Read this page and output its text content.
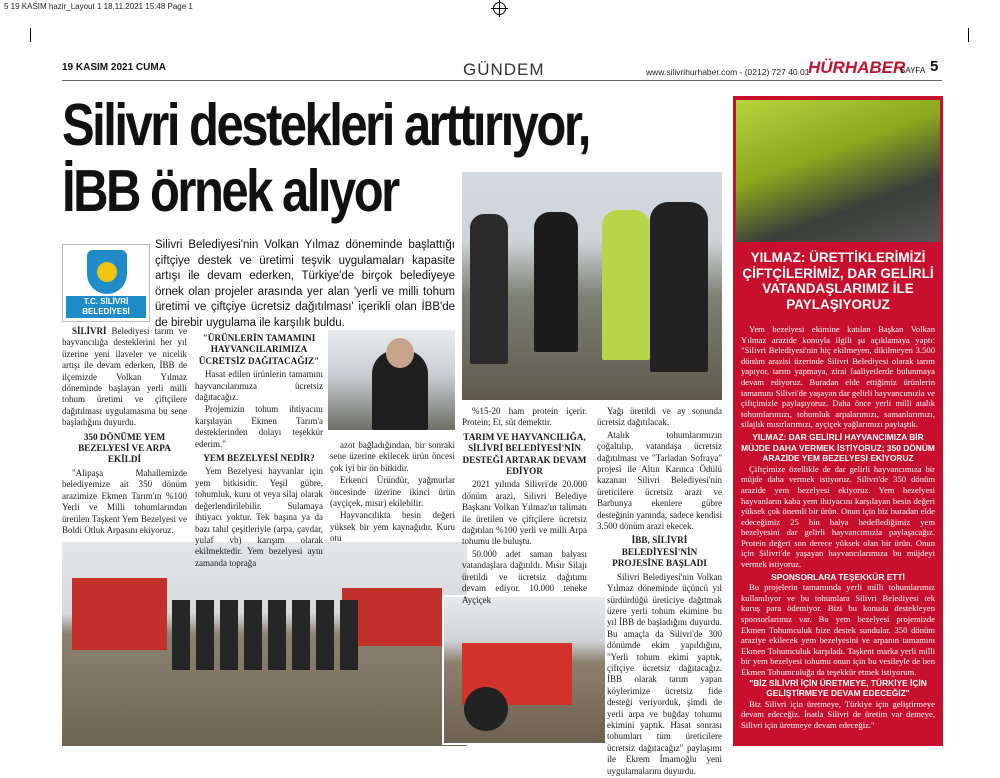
5 19 KASIM hazir_Layout 1 18.11.2021 15:48 Page 1
19 KASIM 2021 CUMA	GÜNDEM	www.silivrihurhaber.com - (0212) 727 40 01
HÜRHABER
SAYFA 5
Silivri destekleri arttırıyor,
İBB örnek alıyor
T.C. SİLİVRİ BELEDİYESİ
Silivri Belediyesi'nin Volkan Yılmaz döneminde başlattığı çiftçiye destek ve üretimi teşvik uygulamaları kapasite artışı ile devam ederken, Türkiye'de birçok belediyeye örnek olan projeler arasında yer alan 'yerli ve milli tohum üretimi ve çiftçiye ücretsiz dağıtılması' içerikli olan İBB'de de birebir uygulama ile karşılık buldu.

SİLİVRİ Belediyesi tarım ve hayvancılığa desteklerini her yıl üzerine yeni ilaveler ve nicelik artışı ile devam ederken, İBB de ilçemizde Volkan Yılmaz döneminde başlayan yerli milli tohum üretimi ve çiftçilere dağıtılması uygulamasına bu sene başladığını duyurdu.

350 DÖNÜME YEM BEZELYESİ VE ARPA EKİLDİ

"Alipaşa Mahallemizde belediyemize ait 350 dönüm arazimize Ekmen Tarım'ın %100 Yerli ve Milli tohumlarından üretilen Taşkent Yem Bezelyesi ve Boldi Otluk Arpasını ekiyoruz.

"ÜRÜNLERİN TAMAMINI HAYVANCILARIMIZA ÜCRETSİZ DAĞITACAĞIZ"

Hasat edilen ürünlerin tamamını hayvancılarımıza ücretsiz dağıtacağız.

Projemizin tohum ihtiyacını karşılayan Ekmen Tarım'a desteklerinden dolayı teşekkür ederim."

YEM BEZELYESİ NEDİR?

Yem Bezelyesi hayvanlar için yem bitkisidir. Yeşil gübre, tohumluk, kuru ot veya silaj olarak değerlendirilebilir. Sulamaya ihtiyacı yoktur. Tek başına ya da bazı tahıl çeşitleriyle (arpa, çavdar, yulaf vb) karışım olarak ekilmektedir. Yem bezelyesi aynı zamanda toprağa

azot bağladığından, bir sonraki sene üzerine ekilecek ürün öncesi çok iyi bir ön bitkidir.

Erkenci Üründür, yağmurlar öncesinde üzerine ikinci ürün (ayçiçek, mısır) ekilebilir.

Hayvancılıkta besin değeri yüksek bir yem kaynağıdır. Kuru otu

%15-20 ham protein içerir. Protein; Et, süt demektir.

TARIM VE HAYVANCILIĞA, SİLİVRİ BELEDİYESİ'NİN DESTEĞİ ARTARAK DEVAM EDİYOR

2021 yılında Silivri'de 20.000 dönüm arazi, Silivri Belediye Başkanı Volkan Yılmaz'ın talimatı ile üretilen ve çiftçilere ücretsiz dağıtılan %100 yerli ve milli Arpa tohumu ile buluştu.

50.000 adet saman balyası vatandaşlara dağıtıldı. Mısır Silajı üretildi ve ücretsiz dağıtımı devam ediyor. 10.000 teneke Ayçiçek

Yağı üretildi ve ay sonunda ücretsiz dağıtılacak.

Atalık tohumlarımızın çoğaltılıp, vatandaşa ücretsiz dağıtılması ve "Tarladan Sofraya" projesi ile Altın Karınca Ödülü kazanan Silivri Belediyesi'nin üreticilere ücretsiz arazi ve Barbunya ekenlere gübre desteğinin yanında, sadece kendisi 3.500 dönüm arazi ekecek.

İBB, SİLİVRİ BELEDİYESİ'NİN PROJESİNE BAŞLADI

Silivri Belediyesi'nin Volkan Yılmaz döneminde üçüncü yıl sürdürdüğü üreticiye dağıtmak üzere yerli tohum ekimine bu yıl İBB de başladığını duyurdu. Bu amaçla da Silivri'de 300 dönümde ekim yapıldığını, "Yerli tohum ekimi yaptık, çiftçiye ücretsiz dağıtacağız. İBB olarak tarım yapan köylerimize ücretsiz fide desteği veriyorduk, şimdi de yerli arpa ve buğday tohumu ekimini yaptık. Hasat sonrası tohumları tüm üreticilere ücretsiz dağıtacağız" paylaşımı ile Ekrem İmamoğlu yeni uygulamalarını duyurdu.

YILMAZ: ÜRETTİKLERİMİZİ ÇİFTÇİLERİMİZ, DAR GELİRLİ VATANDAŞLARIMIZ İLE PAYLAŞIYORUZ

Yem bezelyesi ekimine katılan Başkan Volkan Yılmaz arazide konuyla ilgili şu açıklamaya yaptı: "Silivri Belediyesi'nin hiç ekilmeyen, dikilmeyen 3.500 dönüm arazisi üzerinde Silivri Belediyesi olarak tarım yapıyor, tarım yapmaya, zirai faaliyetlerde bulunmaya devam ediyoruz. Buradan elde ettiğimiz ürünlerin tamamını Silivri'de yaşayan dar gelirli hayvancımızla ve çiftçimizle paylaşıyoruz. Daha önce yerli milli atalık tohumlarımızı, tohumluk arpalarımızı, samanlarımızı, silajlık mısırlarımızı, ayçiçek yağlarımızı paylaştık.

YILMAZ: DAR GELİRLİ HAYVANCIMIZA BİR MÜJDE DAHA VERMEK İSTİYORUZ; 350 DÖNÜM ARAZİDE YEM BEZELYESİ EKİYORUZ

Çiftçimize özellikle de dar gelirli hayvancımıza bir müjde daha vermek istiyoruz. Silivri'de 350 dönüm arazide yem bezelyesi ekiyoruz. Yem bezelyesi hayvanların kaba yem ihtiyacını karşılayan besin değeri yüksek çok önemli bir ürün. Onun için biz buradan elde edeceğimiz 25 bin balya hedeflediğimiz yem bezelyesini dar gelirli hayvancımızla paylaşacağız. Protein değeri son derece yüksek olan bir ürün. Onun için Silivri'de yaşayan hayvancılarımıza bu müjdeyi vermek istiyoruz.

SPONSORLARA TEŞEKKÜR ETTİ

Bu projelerin tamamında yerli milli tohumlarımız kullanılıyor ve bu tohumlara Silivri Belediyesi tek kuruş para ödemiyor. Bizi bu konuda destekleyen sponsorlarımız var. Bu yem bezelyesi projemizde Ekmen Tohumculuk bize destek sundular. 350 dönüm araziye ekilecek yem bezelyesini ve arpanın tamamını Ekmen Tohumculuk karşıladı. Taşkent marka yerli milli bir yem bezelyesi tohumu onun için bu vesileyle de ben Ekmen Tohumculuğa da teşekkür etmek istiyorum.

"BİZ SİLİVRİ İÇİN ÜRETMEYE, TÜRKİYE İÇİN GELİŞTİRMEYE DEVAM EDECEĞİZ"

Biz Silivri için üretmeye, Türkiye için geliştirmeye devam edeceğiz. İnatla Silivri de üretim var demeye, Silivri için üretmeye devam edeceğiz."
